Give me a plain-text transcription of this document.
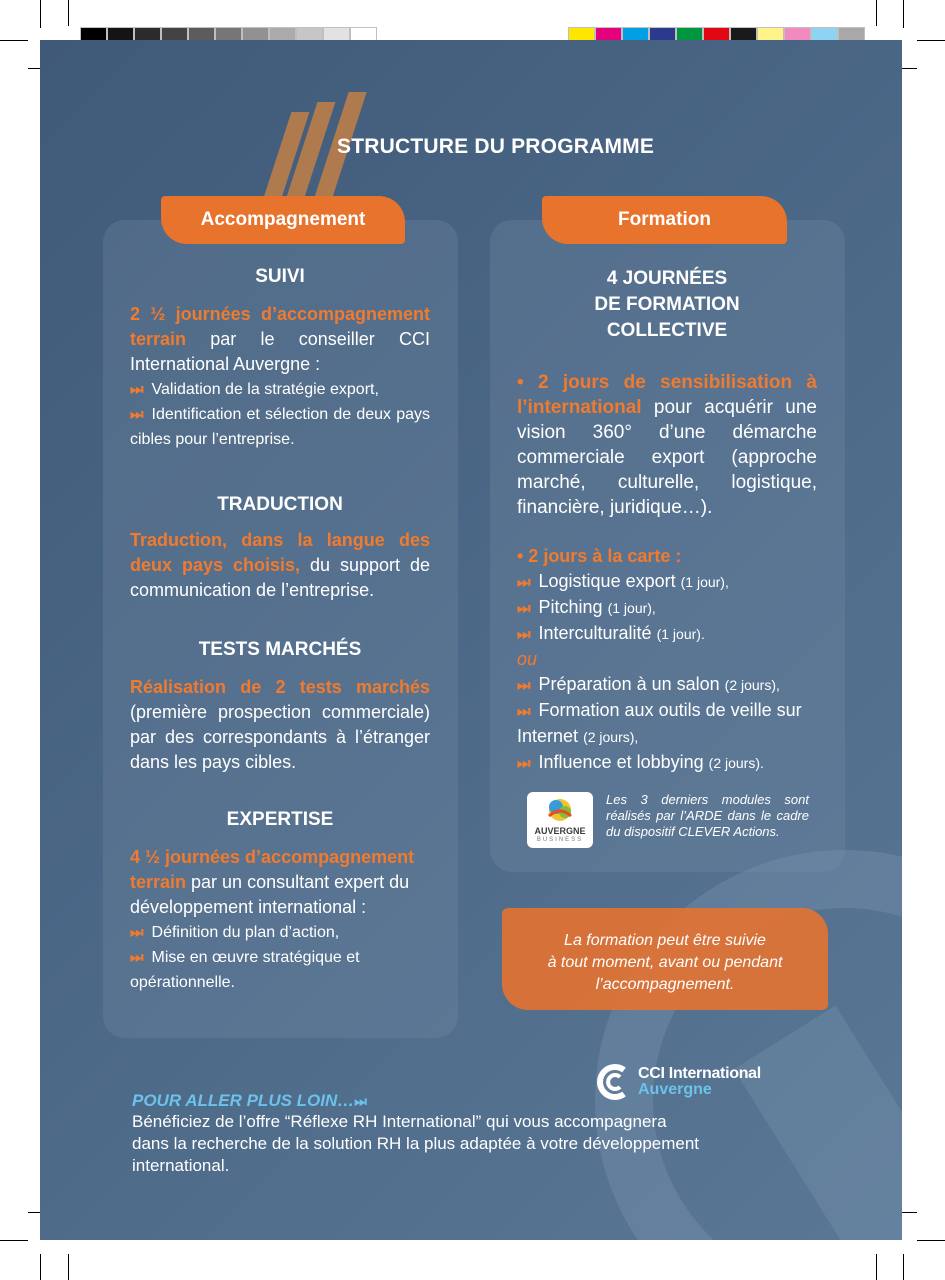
STRUCTURE DU PROGRAMME
Accompagnement	Formation
SUIVI
2 ½ journées d’accompagnement terrain par le conseiller CCI International Auvergne :
⏭ Validation de la stratégie export,
⏭ Identification et sélection de deux pays cibles pour l’entreprise.
TRADUCTION
Traduction, dans la langue des deux pays choisis, du support de communication de l’entreprise.
TESTS MARCHÉS
Réalisation de 2 tests marchés (première prospection commerciale) par des correspondants à l’étranger dans les pays cibles.
EXPERTISE
4 ½ journées d’accompagnement terrain par un consultant expert du développement international :
⏭ Définition du plan d’action,
⏭ Mise en œuvre stratégique et opérationnelle.
4 JOURNÉES
DE FORMATION
COLLECTIVE
• 2 jours de sensibilisation à l’international pour acquérir une vision 360° d’une démarche commerciale export (approche marché, culturelle, logistique, financière, juridique…).
• 2 jours à la carte :
⏭ Logistique export (1 jour),
⏭ Pitching (1 jour),
⏭ Interculturalité (1 jour).
ou
⏭ Préparation à un salon (2 jours),
⏭ Formation aux outils de veille sur Internet (2 jours),
⏭ Influence et lobbying (2 jours).
AUVERGNE
BUSINESS
Les 3 derniers modules sont réalisés par l’ARDE dans le cadre du dispositif CLEVER Actions.
La formation peut être suivie
à tout moment, avant ou pendant
l’accompagnement.
CCI International
Auvergne
POUR ALLER PLUS LOIN…⏭
Bénéficiez de l’offre “Réflexe RH International” qui vous accompagnera
dans la recherche de la solution RH la plus adaptée à votre développement
international.
